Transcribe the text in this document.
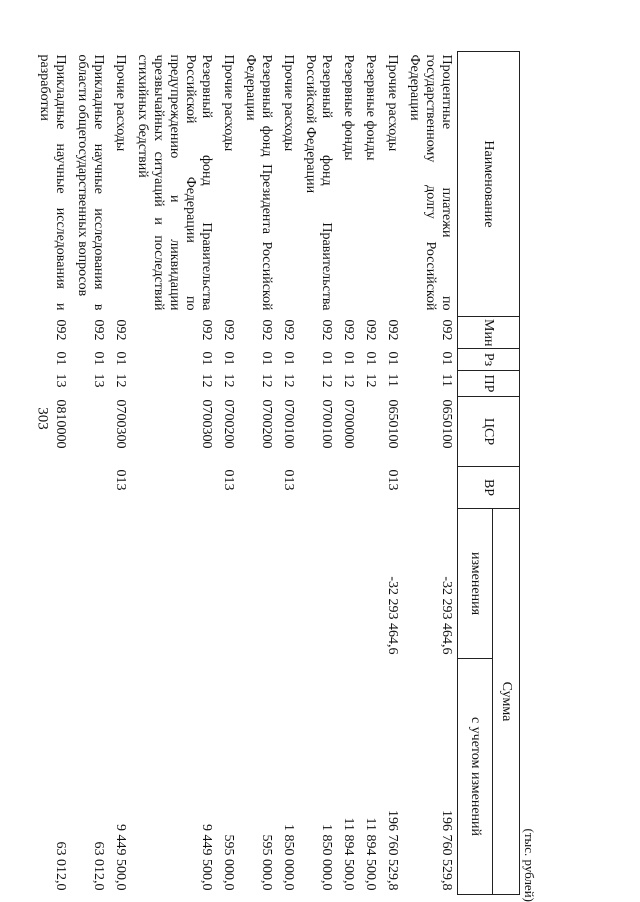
303
(тыс. рублей)
Наименование	Мин	Рз	ПР	ЦСР	ВР	Сумма	
						изменения	с учетом изменений
Процентные платежи по государственному долгу Российской Федерации	092	01	11	0650100		-32 293 464,6	196 760 529,8
Прочие расходы	092	01	11	0650100	013	-32 293 464,6	196 760 529,8
Резервные фонды	092	01	12				11 894 500,0
Резервные фонды	092	01	12	0700000			11 894 500,0
Резервный фонд Правительства Российской Федерации	092	01	12	0700100			1 850 000,0
Прочие расходы	092	01	12	0700100	013		1 850 000,0
Резервный фонд Президента Российской Федерации	092	01	12	0700200			595 000,0
Прочие расходы	092	01	12	0700200	013		595 000,0
Резервный фонд Правительства Российской Федерации по предупреждению и ликвидации чрезвычайных ситуаций и последствий стихийных бедствий	092	01	12	0700300			9 449 500,0
Прочие расходы	092	01	12	0700300	013		9 449 500,0
Прикладные научные исследования в области общегосударственных вопросов	092	01	13				63 012,0
Прикладные научные исследования и разработки	092	01	13	0810000			63 012,0
